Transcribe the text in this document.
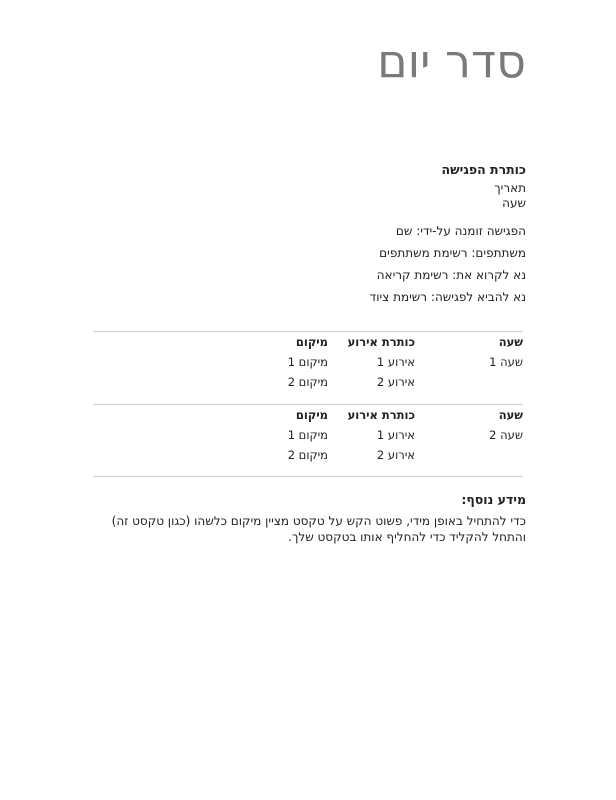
סדר יום
כותרת הפגישה
תאריך
שעה
הפגישה זומנה על-ידי: שם
משתתפים: רשימת משתתפים
נא לקרוא את: רשימת קריאה
נא להביא לפגישה: רשימת ציוד
שעה
כותרת אירוע
מיקום
שעה 1
אירוע 1
מיקום 1
אירוע 2
מיקום 2
שעה
כותרת אירוע
מיקום
שעה 2
אירוע 1
מיקום 1
אירוע 2
מיקום 2
מידע נוסף:
כדי להתחיל באופן מידי, פשוט הקש על טקסט מציין מיקום כלשהו (כגון טקסט זה) והתחל להקליד כדי להחליף אותו בטקסט שלך.
